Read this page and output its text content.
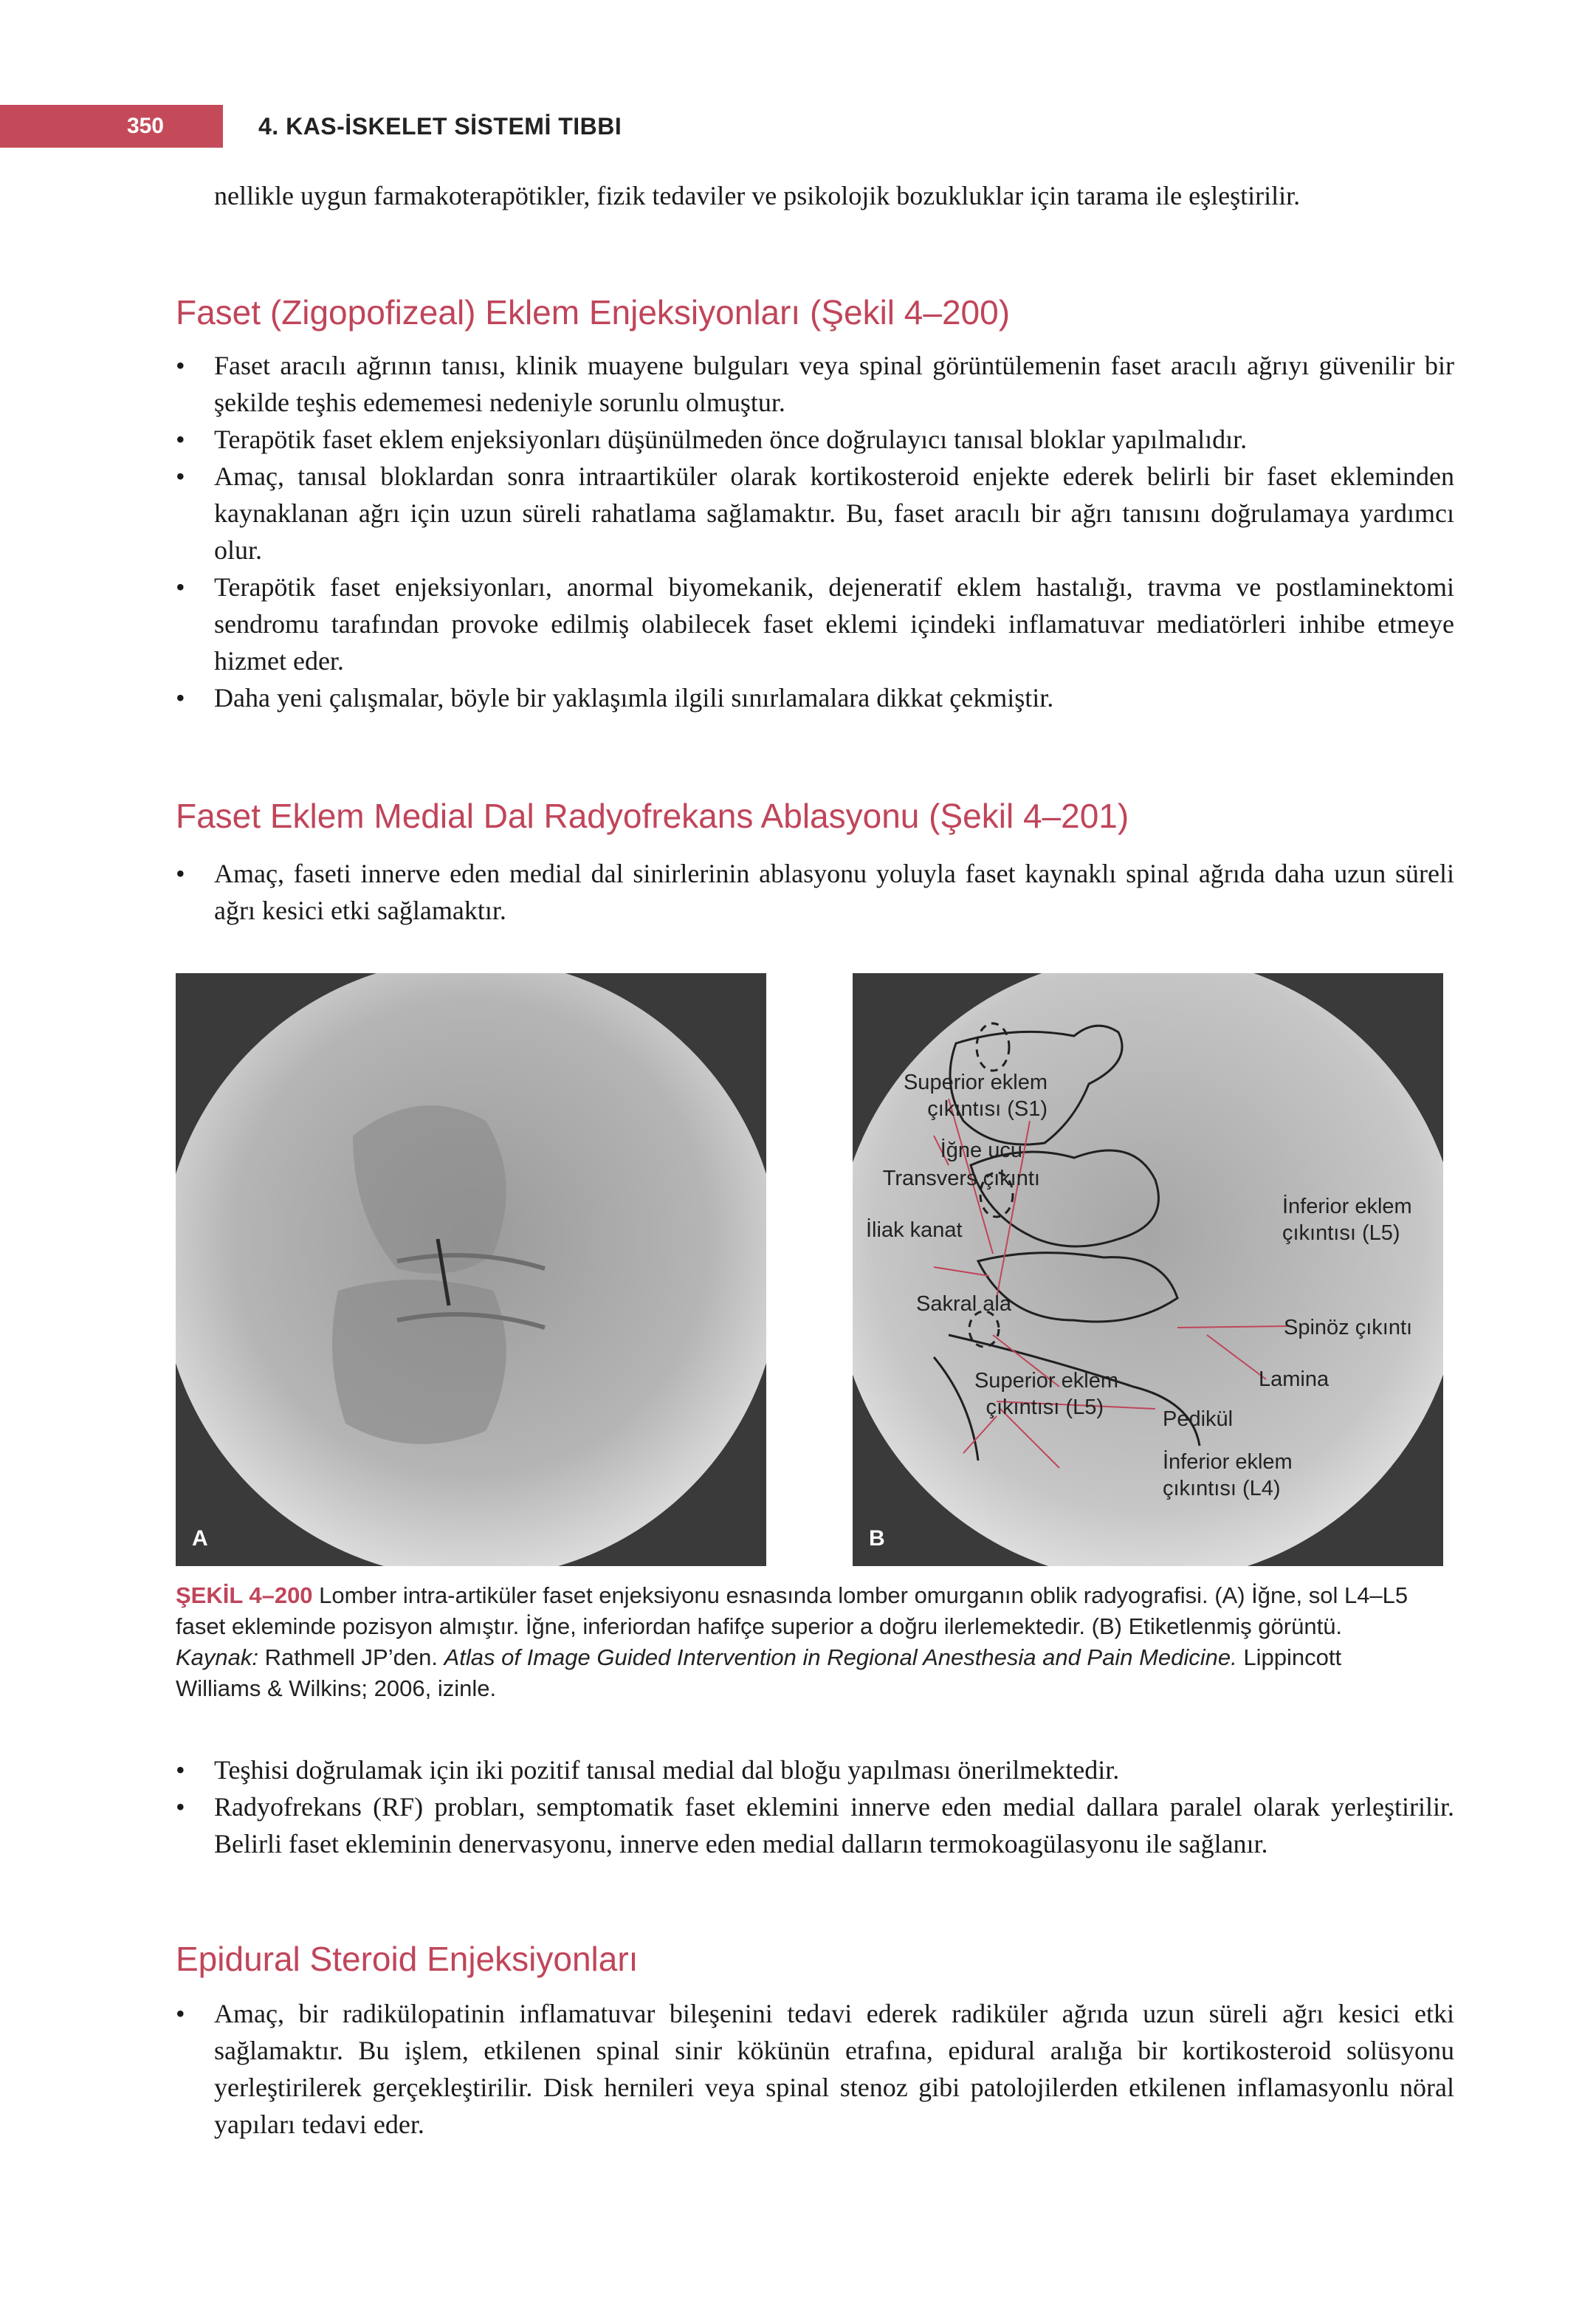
350	4. KAS-İSKELET SİSTEMİ TIBBI
nellikle uygun farmakoterapötikler, fizik tedaviler ve psikolojik bozukluklar için tarama ile eşleştirilir.
Faset (Zigopofizeal) Eklem Enjeksiyonları (Şekil 4–200)
•	Faset aracılı ağrının tanısı, klinik muayene bulguları veya spinal görüntülemenin faset aracılı ağrıyı güvenilir bir şekilde teşhis edememesi nedeniyle sorunlu olmuştur.
•	Terapötik faset eklem enjeksiyonları düşünülmeden önce doğrulayıcı tanısal bloklar yapılmalıdır.
•	Amaç, tanısal bloklardan sonra intraartiküler olarak kortikosteroid enjekte ederek belirli bir faset ekleminden kaynaklanan ağrı için uzun süreli rahatlama sağlamaktır. Bu, faset aracılı bir ağrı tanısını doğrulamaya yardımcı olur.
•	Terapötik faset enjeksiyonları, anormal biyomekanik, dejeneratif eklem hastalığı, travma ve postlaminektomi sendromu tarafından provoke edilmiş olabilecek faset eklemi içindeki inflamatuvar mediatörleri inhibe etmeye hizmet eder.
•	Daha yeni çalışmalar, böyle bir yaklaşımla ilgili sınırlamalara dikkat çekmiştir.
Faset Eklem Medial Dal Radyofrekans Ablasyonu (Şekil 4–201)
•	Amaç, faseti innerve eden medial dal sinirlerinin ablasyonu yoluyla faset kaynaklı spinal ağrıda daha uzun süreli ağrı kesici etki sağlamaktır.
A
Superior eklem
çıkıntısı (S1)
İğne ucu
Transvers çıkıntı
İliak kanat
Sakral ala
Superior eklem
çıkıntısı (L5)
İnferior eklem
çıkıntısı (L5)
Spinöz çıkıntı
Lamina
Pedikül
İnferior eklem
çıkıntısı (L4)
B
ŞEKİL 4–200 Lomber intra-artiküler faset enjeksiyonu esnasında lomber omurganın oblik radyografisi. (A) İğne, sol L4–L5 faset ekleminde pozisyon almıştır. İğne, inferiordan hafifçe superior a doğru ilerlemektedir. (B) Etiketlenmiş görüntü. Kaynak: Rathmell JP’den. Atlas of Image Guided Intervention in Regional Anesthesia and Pain Medicine. Lippincott Williams & Wilkins; 2006, izinle.
•	Teşhisi doğrulamak için iki pozitif tanısal medial dal bloğu yapılması önerilmektedir.
•	Radyofrekans (RF) probları, semptomatik faset eklemini innerve eden medial dallara paralel olarak yerleştirilir. Belirli faset ekleminin denervasyonu, innerve eden medial dalların termokoagülasyonu ile sağlanır.
Epidural Steroid Enjeksiyonları
•	Amaç, bir radikülopatinin inflamatuvar bileşenini tedavi ederek radiküler ağrıda uzun süreli ağrı kesici etki sağlamaktır. Bu işlem, etkilenen spinal sinir kökünün etrafına, epidural aralığa bir kortikosteroid solüsyonu yerleştirilerek gerçekleştirilir. Disk hernileri veya spinal stenoz gibi patolojilerden etkilenen inflamasyonlu nöral yapıları tedavi eder.
